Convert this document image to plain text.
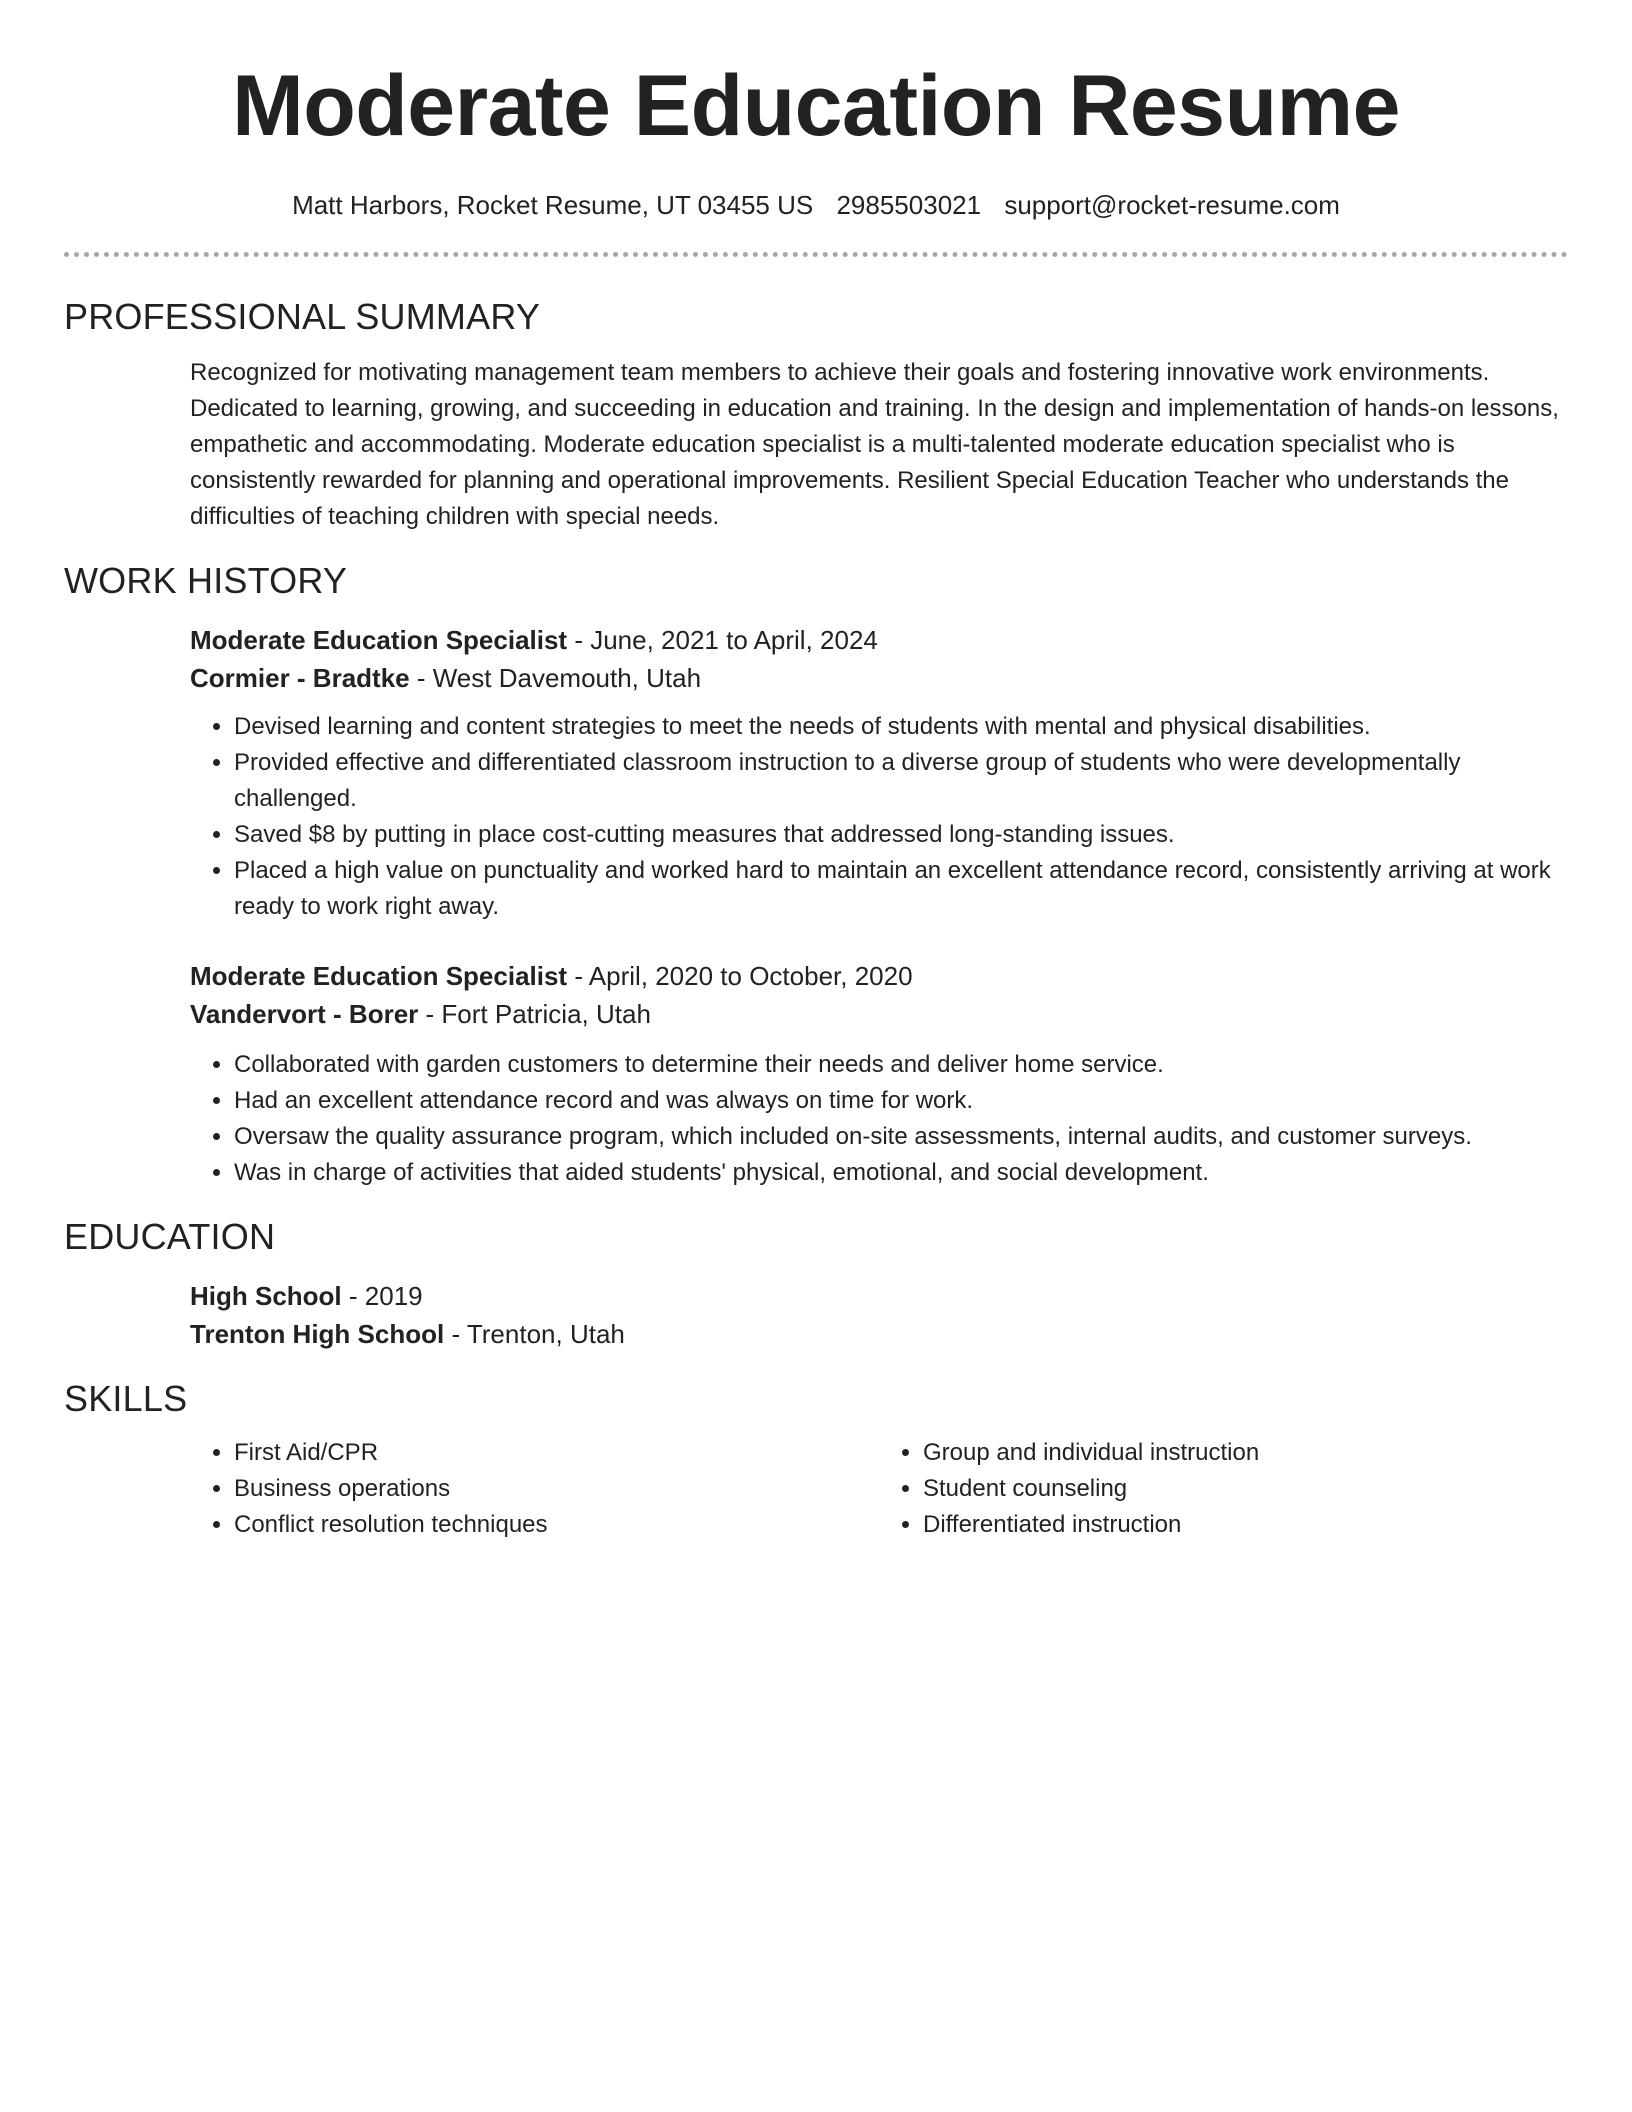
Moderate Education Resume
Matt Harbors, Rocket Resume, UT 03455 US 2985503021 support@rocket-resume.com
PROFESSIONAL SUMMARY

Recognized for motivating management team members to achieve their goals and fostering innovative work environments. Dedicated to learning, growing, and succeeding in education and training. In the design and implementation of hands-on lessons, empathetic and accommodating. Moderate education specialist is a multi-talented moderate education specialist who is consistently rewarded for planning and operational improvements. Resilient Special Education Teacher who understands the difficulties of teaching children with special needs.

WORK HISTORY
Moderate Education Specialist - June, 2021 to April, 2024
Cormier - Bradtke - West Davemouth, Utah
• Devised learning and content strategies to meet the needs of students with mental and physical disabilities.
• Provided effective and differentiated classroom instruction to a diverse group of students who were developmentally challenged.
• Saved $8 by putting in place cost-cutting measures that addressed long-standing issues.
• Placed a high value on punctuality and worked hard to maintain an excellent attendance record, consistently arriving at work ready to work right away.
Moderate Education Specialist - April, 2020 to October, 2020
Vandervort - Borer - Fort Patricia, Utah
• Collaborated with garden customers to determine their needs and deliver home service.
• Had an excellent attendance record and was always on time for work.
• Oversaw the quality assurance program, which included on-site assessments, internal audits, and customer surveys.
• Was in charge of activities that aided students' physical, emotional, and social development.
EDUCATION
High School - 2019
Trenton High School - Trenton, Utah
SKILLS
• First Aid/CPR
• Business operations
• Conflict resolution techniques
• Group and individual instruction
• Student counseling
• Differentiated instruction
